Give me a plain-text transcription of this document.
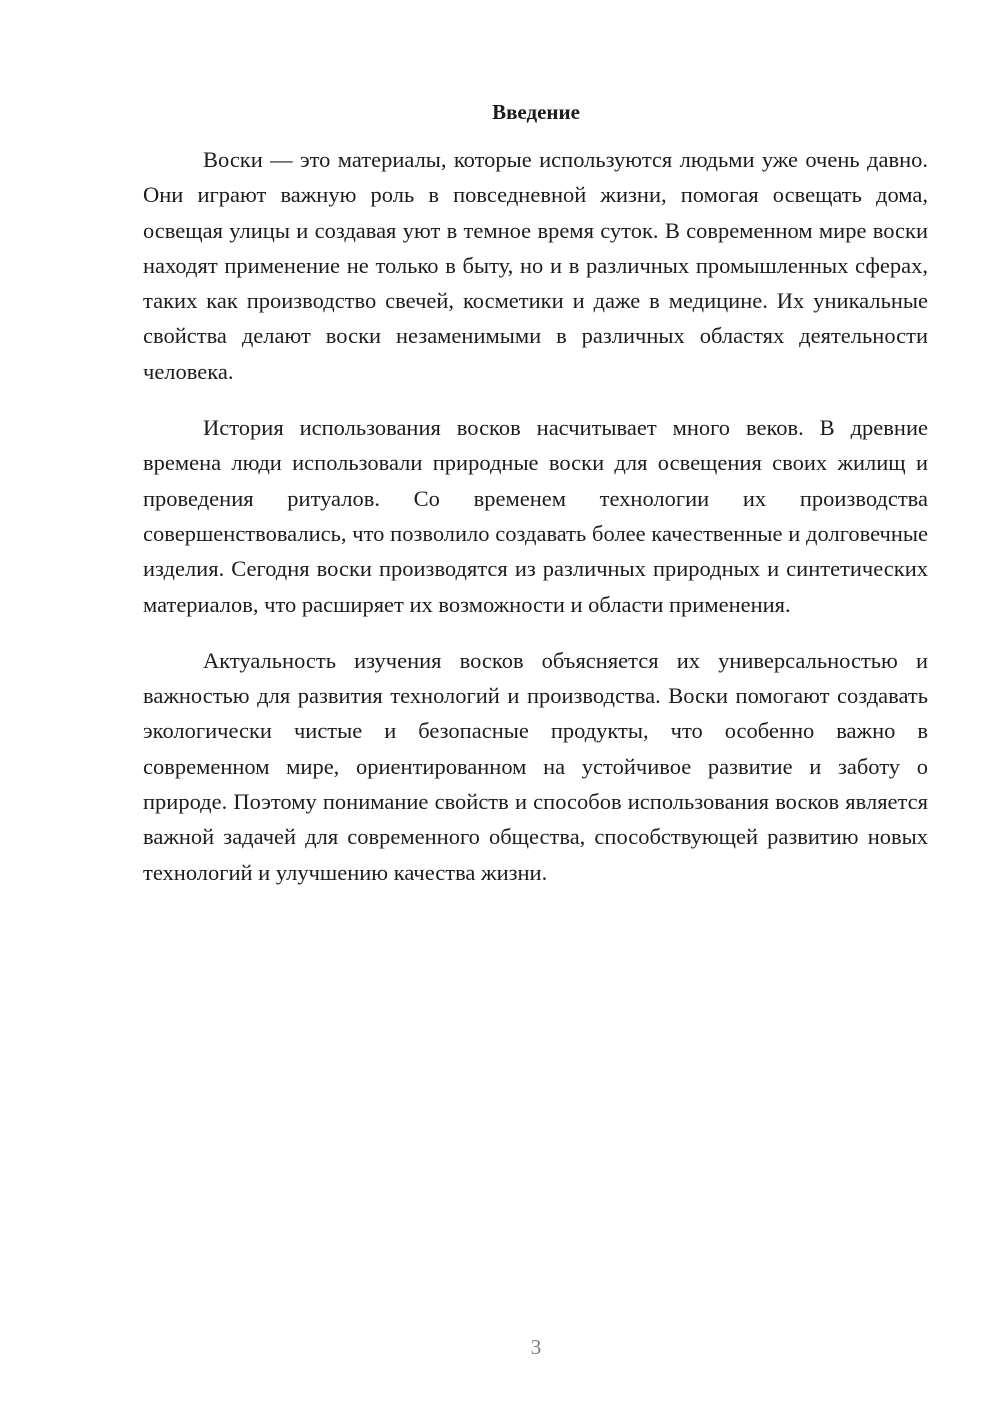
Введение

Воски — это материалы, которые используются людьми уже очень давно. Они играют важную роль в повседневной жизни, помогая освещать дома, освещая улицы и создавая уют в темное время суток. В современном мире воски находят применение не только в быту, но и в различных промышленных сферах, таких как производство свечей, косметики и даже в медицине. Их уникальные свойства делают воски незаменимыми в различных областях деятельности человека.

История использования восков насчитывает много веков. В древние времена люди использовали природные воски для освещения своих жилищ и проведения ритуалов. Со временем технологии их производства совершенствовались, что позволило создавать более качественные и долговечные изделия. Сегодня воски производятся из различных природных и синтетических материалов, что расширяет их возможности и области применения.

Актуальность изучения восков объясняется их универсальностью и важностью для развития технологий и производства. Воски помогают создавать экологически чистые и безопасные продукты, что особенно важно в современном мире, ориентированном на устойчивое развитие и заботу о природе. Поэтому понимание свойств и способов использования восков является важной задачей для современного общества, способствующей развитию новых технологий и улучшению качества жизни.

3
